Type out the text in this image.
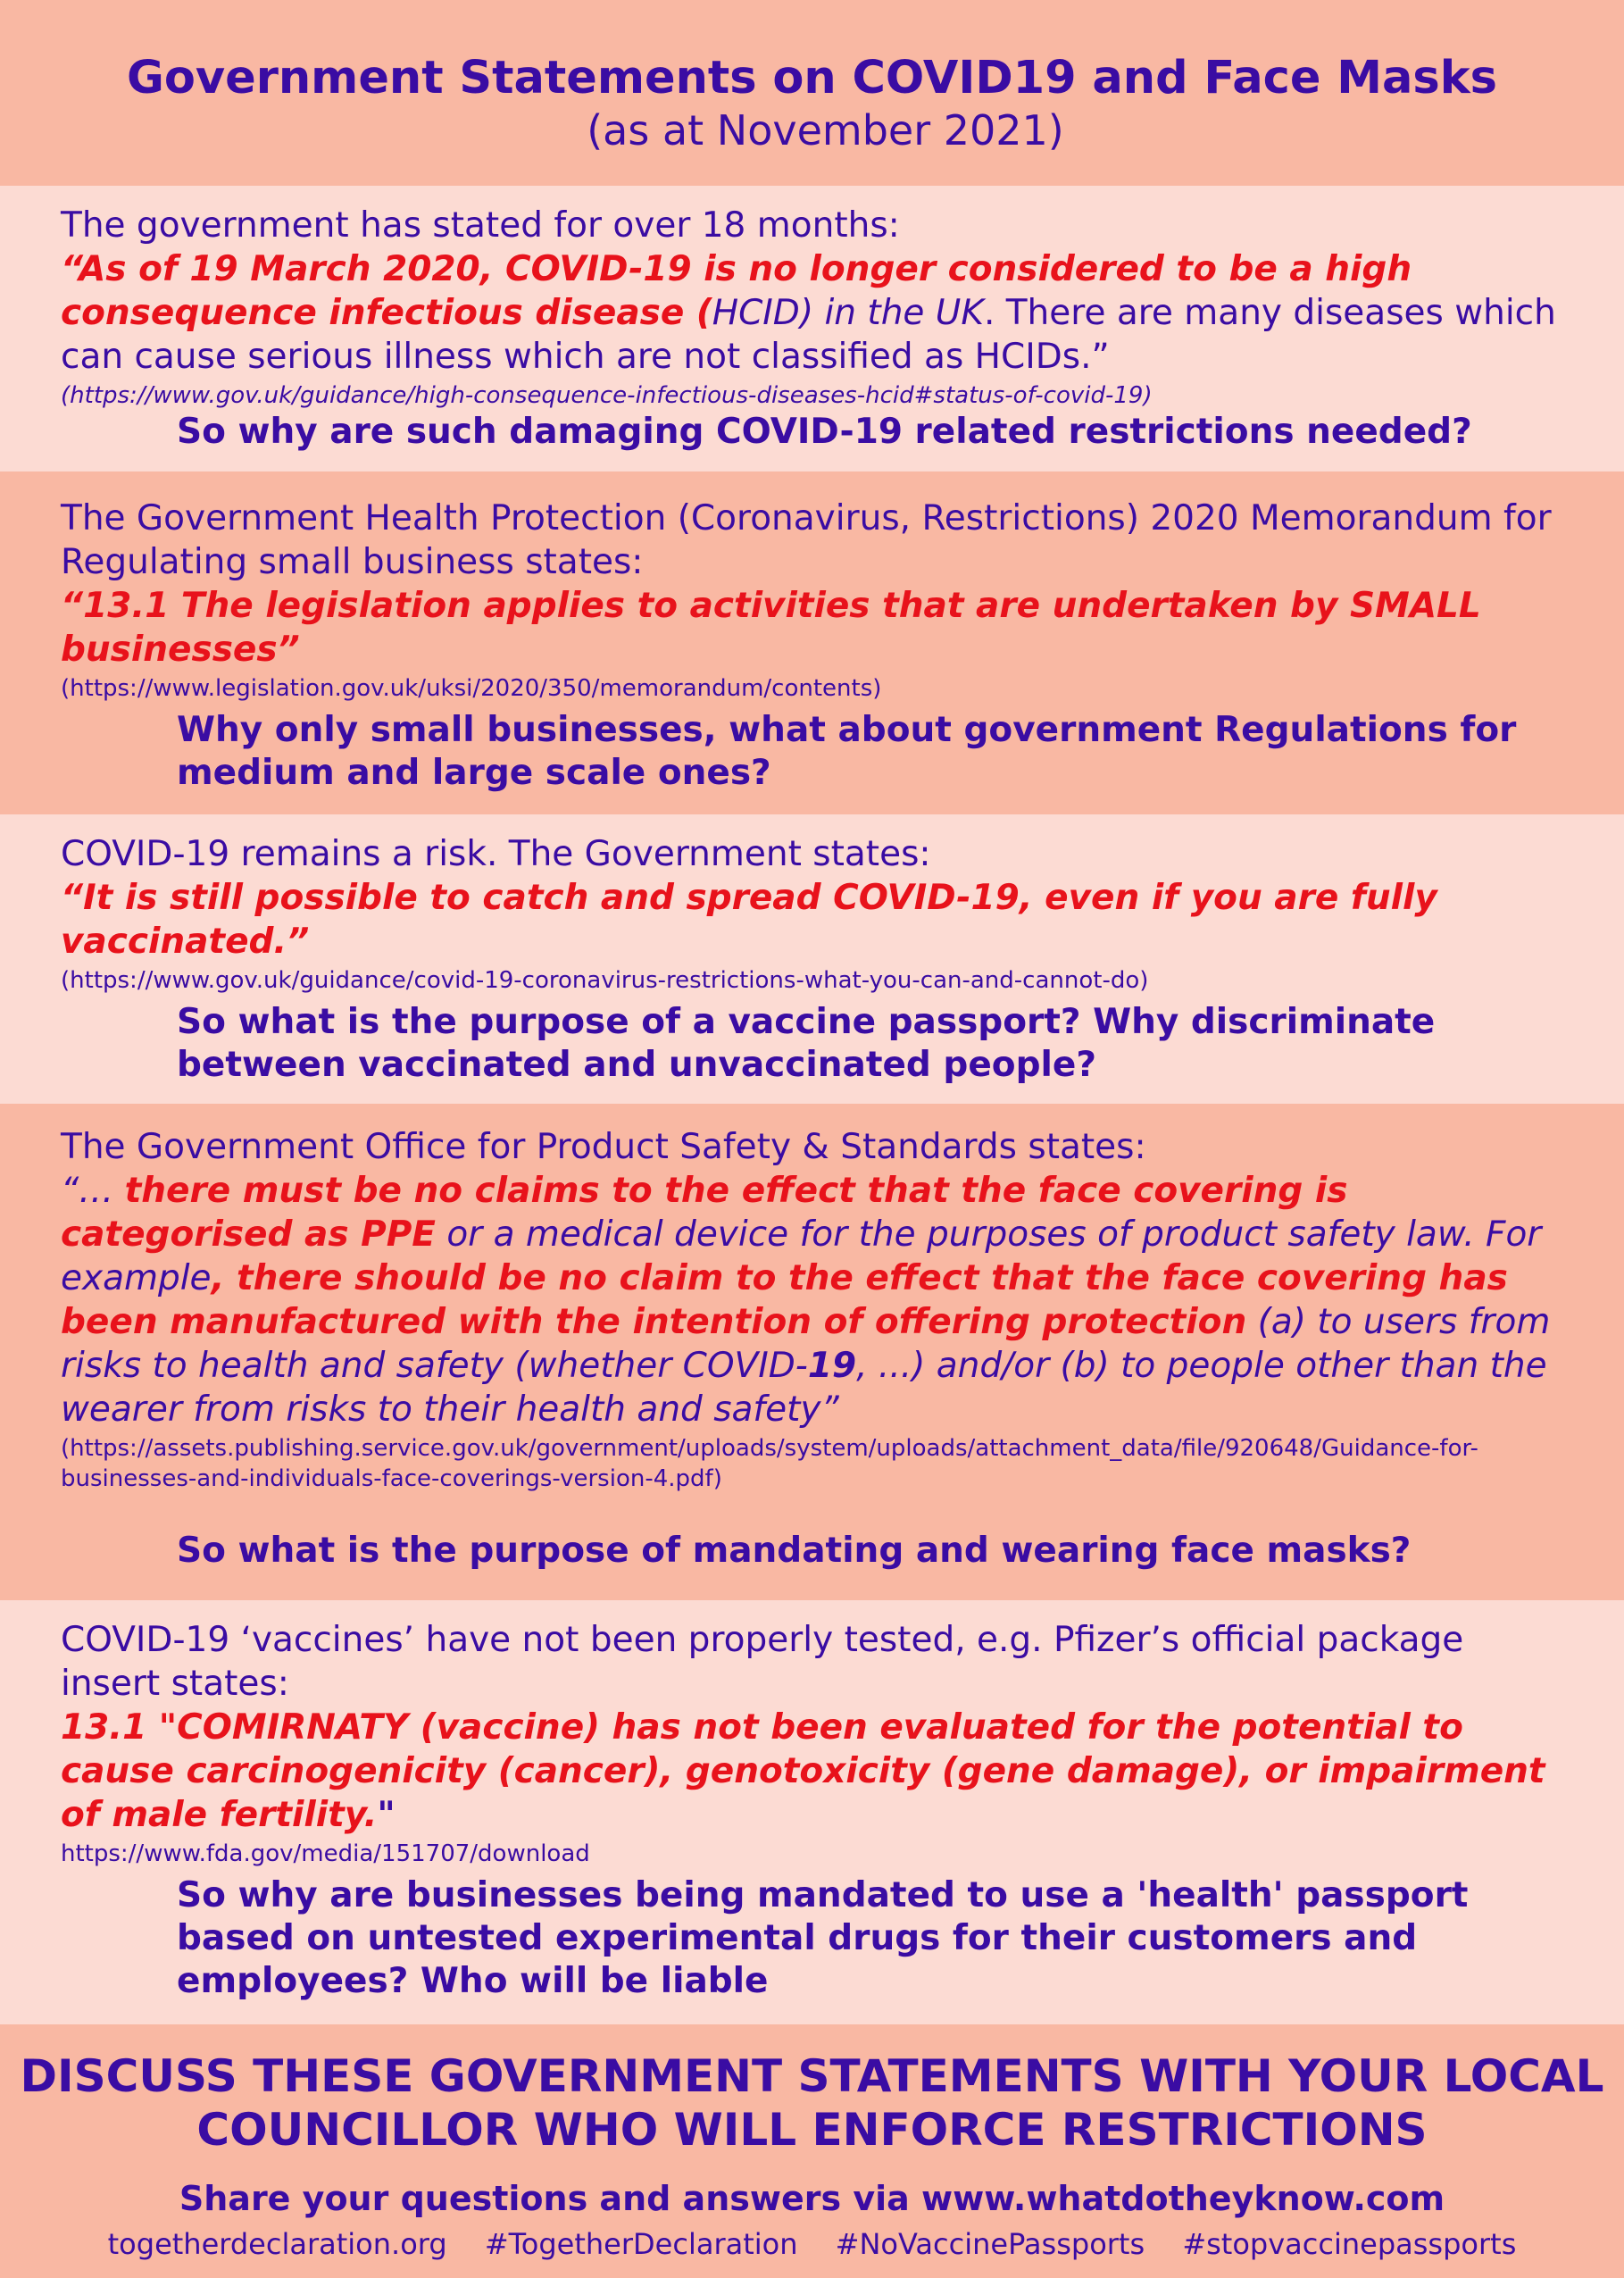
Government Statements on COVID19 and Face Masks
(as at November 2021)
The government has stated for over 18 months:
“As of 19 March 2020, COVID-19 is no longer considered to be a high consequence infectious disease (HCID) in the UK. There are many diseases which can cause serious illness which are not classified as HCIDs.”
(https://www.gov.uk/guidance/high-consequence-infectious-diseases-hcid#status-of-covid-19)
So why are such damaging COVID-19 related restrictions needed?
The Government Health Protection (Coronavirus, Restrictions) 2020 Memorandum for Regulating small business states:
“13.1 The legislation applies to activities that are undertaken by SMALL businesses”
(https://www.legislation.gov.uk/uksi/2020/350/memorandum/contents)
Why only small businesses, what about government Regulations for medium and large scale ones?
COVID-19 remains a risk. The Government states:
“It is still possible to catch and spread COVID-19, even if you are fully vaccinated.”
(https://www.gov.uk/guidance/covid-19-coronavirus-restrictions-what-you-can-and-cannot-do)
So what is the purpose of a vaccine passport? Why discriminate between vaccinated and unvaccinated people?
The Government Office for Product Safety & Standards states:
“… there must be no claims to the effect that the face covering is categorised as PPE or a medical device for the purposes of product safety law. For example, there should be no claim to the effect that the face covering has been manufactured with the intention of offering protection (a) to users from risks to health and safety (whether COVID-19, ...) and/or (b) to people other than the wearer from risks to their health and safety”
(https://assets.publishing.service.gov.uk/government/uploads/system/uploads/attachment_data/file/920648/Guidance-for-businesses-and-individuals-face-coverings-version-4.pdf)
So what is the purpose of mandating and wearing face masks?
COVID-19 ‘vaccines’ have not been properly tested, e.g. Pfizer’s official package insert states:
13.1 "COMIRNATY (vaccine) has not been evaluated for the potential to cause carcinogenicity (cancer), genotoxicity (gene damage), or impairment of male fertility."
https://www.fda.gov/media/151707/download
So why are businesses being mandated to use a 'health' passport based on untested experimental drugs for their customers and employees? Who will be liable
DISCUSS THESE GOVERNMENT STATEMENTS WITH YOUR LOCAL COUNCILLOR WHO WILL ENFORCE RESTRICTIONS
Share your questions and answers via www.whatdotheyknow.com
togetherdeclaration.org #TogetherDeclaration #NoVaccinePassports #stopvaccinepassports
